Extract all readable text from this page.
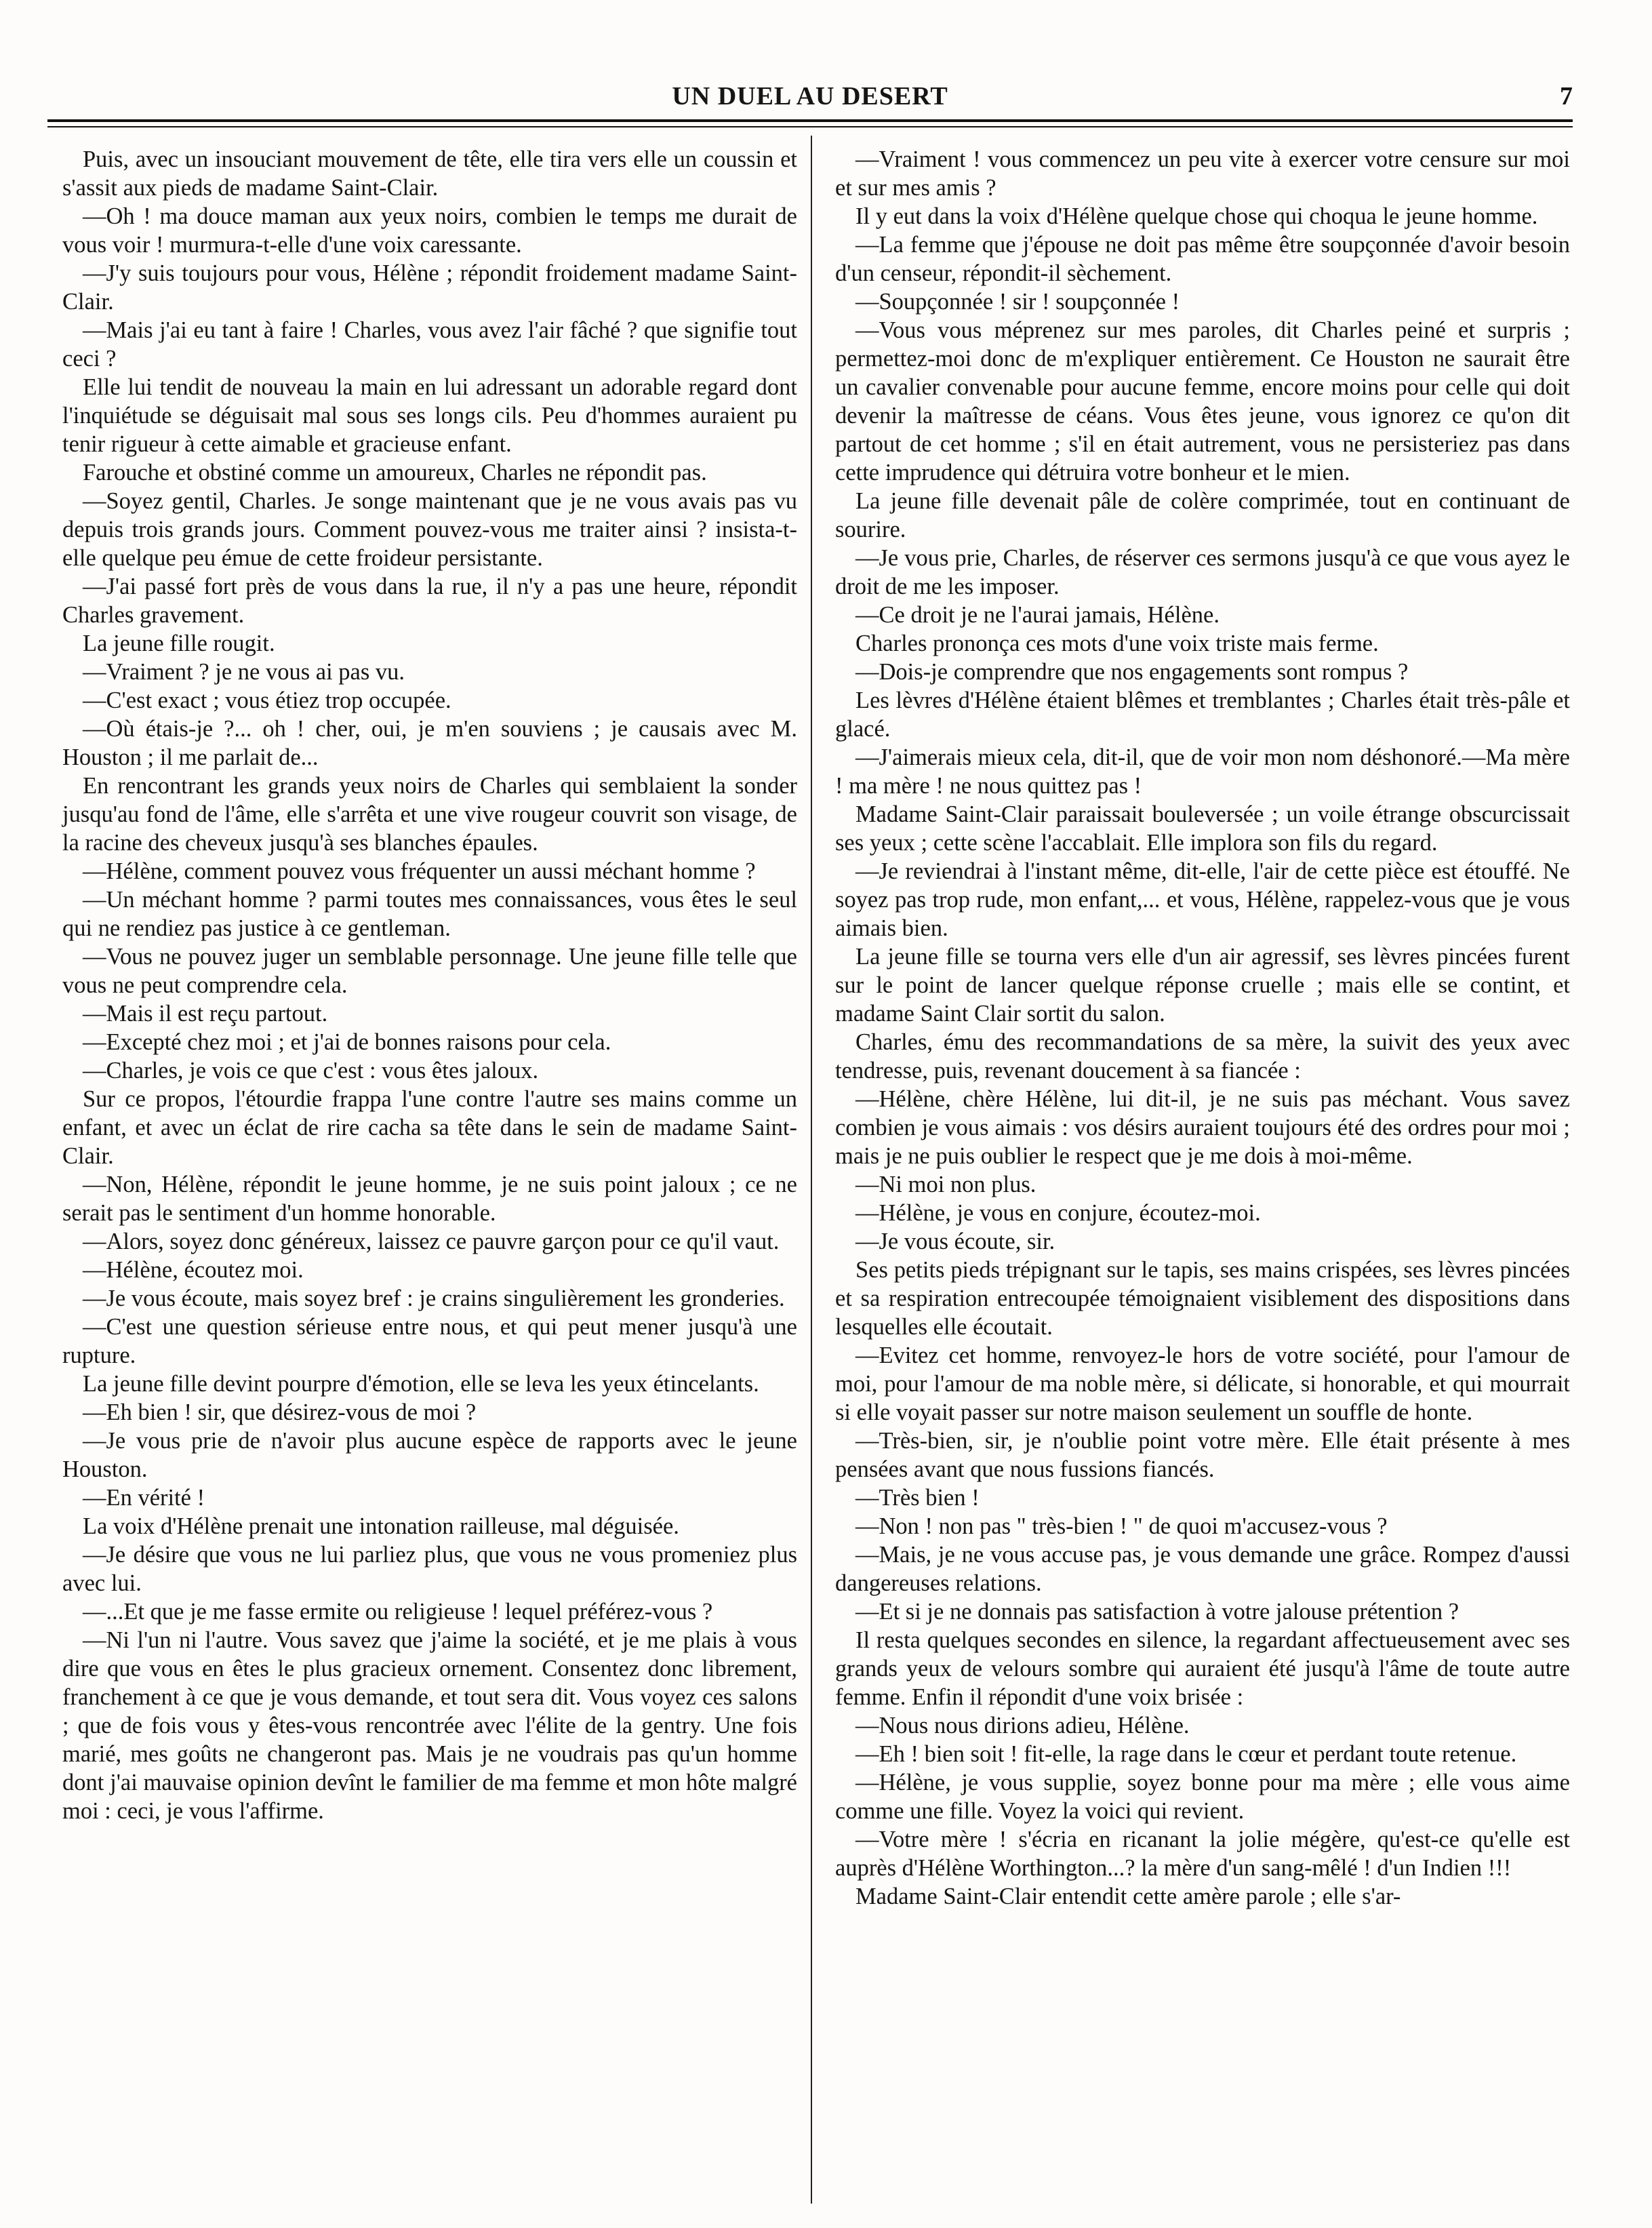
UN DUEL AU DESERT	7

Puis, avec un insouciant mouvement de tête, elle tira vers elle un coussin et s'assit aux pieds de madame Saint-Clair.

—Oh ! ma douce maman aux yeux noirs, combien le temps me durait de vous voir ! murmura-t-elle d'une voix caressante.

—J'y suis toujours pour vous, Hélène ; répondit froidement madame Saint-Clair.

—Mais j'ai eu tant à faire ! Charles, vous avez l'air fâché ? que signifie tout ceci ?

Elle lui tendit de nouveau la main en lui adressant un adorable regard dont l'inquiétude se déguisait mal sous ses longs cils. Peu d'hommes auraient pu tenir rigueur à cette aimable et gracieuse enfant.

Farouche et obstiné comme un amoureux, Charles ne répondit pas.

—Soyez gentil, Charles. Je songe maintenant que je ne vous avais pas vu depuis trois grands jours. Comment pouvez-vous me traiter ainsi ? insista-t-elle quelque peu émue de cette froideur persistante.

—J'ai passé fort près de vous dans la rue, il n'y a pas une heure, répondit Charles gravement.

La jeune fille rougit.

—Vraiment ? je ne vous ai pas vu.

—C'est exact ; vous étiez trop occupée.

—Où étais-je ?... oh ! cher, oui, je m'en souviens ; je causais avec M. Houston ; il me parlait de...

En rencontrant les grands yeux noirs de Charles qui semblaient la sonder jusqu'au fond de l'âme, elle s'arrêta et une vive rougeur couvrit son visage, de la racine des cheveux jusqu'à ses blanches épaules.

—Hélène, comment pouvez vous fréquenter un aussi méchant homme ?

—Un méchant homme ? parmi toutes mes connaissances, vous êtes le seul qui ne rendiez pas justice à ce gentleman.

—Vous ne pouvez juger un semblable personnage. Une jeune fille telle que vous ne peut comprendre cela.

—Mais il est reçu partout.

—Excepté chez moi ; et j'ai de bonnes raisons pour cela.

—Charles, je vois ce que c'est : vous êtes jaloux.

Sur ce propos, l'étourdie frappa l'une contre l'autre ses mains comme un enfant, et avec un éclat de rire cacha sa tête dans le sein de madame Saint-Clair.

—Non, Hélène, répondit le jeune homme, je ne suis point jaloux ; ce ne serait pas le sentiment d'un homme honorable.

—Alors, soyez donc généreux, laissez ce pauvre garçon pour ce qu'il vaut.

—Hélène, écoutez moi.

—Je vous écoute, mais soyez bref : je crains singulièrement les gronderies.

—C'est une question sérieuse entre nous, et qui peut mener jusqu'à une rupture.

La jeune fille devint pourpre d'émotion, elle se leva les yeux étincelants.

—Eh bien ! sir, que désirez-vous de moi ?

—Je vous prie de n'avoir plus aucune espèce de rapports avec le jeune Houston.

—En vérité !

La voix d'Hélène prenait une intonation railleuse, mal déguisée.

—Je désire que vous ne lui parliez plus, que vous ne vous promeniez plus avec lui.

—...Et que je me fasse ermite ou religieuse ! lequel préférez-vous ?

—Ni l'un ni l'autre. Vous savez que j'aime la société, et je me plais à vous dire que vous en êtes le plus gracieux ornement. Consentez donc librement, franchement à ce que je vous demande, et tout sera dit. Vous voyez ces salons ; que de fois vous y êtes-vous rencontrée avec l'élite de la gentry. Une fois marié, mes goûts ne changeront pas. Mais je ne voudrais pas qu'un homme dont j'ai mauvaise opinion devînt le familier de ma femme et mon hôte malgré moi : ceci, je vous l'affirme.

—Vraiment ! vous commencez un peu vite à exercer votre censure sur moi et sur mes amis ?

Il y eut dans la voix d'Hélène quelque chose qui choqua le jeune homme.

—La femme que j'épouse ne doit pas même être soupçonnée d'avoir besoin d'un censeur, répondit-il sèchement.

—Soupçonnée ! sir ! soupçonnée !

—Vous vous méprenez sur mes paroles, dit Charles peiné et surpris ; permettez-moi donc de m'expliquer entièrement. Ce Houston ne saurait être un cavalier convenable pour aucune femme, encore moins pour celle qui doit devenir la maîtresse de céans. Vous êtes jeune, vous ignorez ce qu'on dit partout de cet homme ; s'il en était autrement, vous ne persisteriez pas dans cette imprudence qui détruira votre bonheur et le mien.

La jeune fille devenait pâle de colère comprimée, tout en continuant de sourire.

—Je vous prie, Charles, de réserver ces sermons jusqu'à ce que vous ayez le droit de me les imposer.

—Ce droit je ne l'aurai jamais, Hélène.

Charles prononça ces mots d'une voix triste mais ferme.

—Dois-je comprendre que nos engagements sont rompus ?

Les lèvres d'Hélène étaient blêmes et tremblantes ; Charles était très-pâle et glacé.

—J'aimerais mieux cela, dit-il, que de voir mon nom déshonoré.—Ma mère ! ma mère ! ne nous quittez pas !

Madame Saint-Clair paraissait bouleversée ; un voile étrange obscurcissait ses yeux ; cette scène l'accablait. Elle implora son fils du regard.

—Je reviendrai à l'instant même, dit-elle, l'air de cette pièce est étouffé. Ne soyez pas trop rude, mon enfant,... et vous, Hélène, rappelez-vous que je vous aimais bien.

La jeune fille se tourna vers elle d'un air agressif, ses lèvres pincées furent sur le point de lancer quelque réponse cruelle ; mais elle se contint, et madame Saint Clair sortit du salon.

Charles, ému des recommandations de sa mère, la suivit des yeux avec tendresse, puis, revenant doucement à sa fiancée :

—Hélène, chère Hélène, lui dit-il, je ne suis pas méchant. Vous savez combien je vous aimais : vos désirs auraient toujours été des ordres pour moi ; mais je ne puis oublier le respect que je me dois à moi-même.

—Ni moi non plus.

—Hélène, je vous en conjure, écoutez-moi.

—Je vous écoute, sir.

Ses petits pieds trépignant sur le tapis, ses mains crispées, ses lèvres pincées et sa respiration entrecoupée témoignaient visiblement des dispositions dans lesquelles elle écoutait.

—Evitez cet homme, renvoyez-le hors de votre société, pour l'amour de moi, pour l'amour de ma noble mère, si délicate, si honorable, et qui mourrait si elle voyait passer sur notre maison seulement un souffle de honte.

—Très-bien, sir, je n'oublie point votre mère. Elle était présente à mes pensées avant que nous fussions fiancés.

—Très bien !

—Non ! non pas " très-bien ! " de quoi m'accusez-vous ?

—Mais, je ne vous accuse pas, je vous demande une grâce. Rompez d'aussi dangereuses relations.

—Et si je ne donnais pas satisfaction à votre jalouse prétention ?

Il resta quelques secondes en silence, la regardant affectueusement avec ses grands yeux de velours sombre qui auraient été jusqu'à l'âme de toute autre femme. Enfin il répondit d'une voix brisée :

—Nous nous dirions adieu, Hélène.

—Eh ! bien soit ! fit-elle, la rage dans le cœur et perdant toute retenue.

—Hélène, je vous supplie, soyez bonne pour ma mère ; elle vous aime comme une fille. Voyez la voici qui revient.

—Votre mère ! s'écria en ricanant la jolie mégère, qu'est-ce qu'elle est auprès d'Hélène Worthington...? la mère d'un sang-mêlé ! d'un Indien !!!

Madame Saint-Clair entendit cette amère parole ; elle s'ar-
